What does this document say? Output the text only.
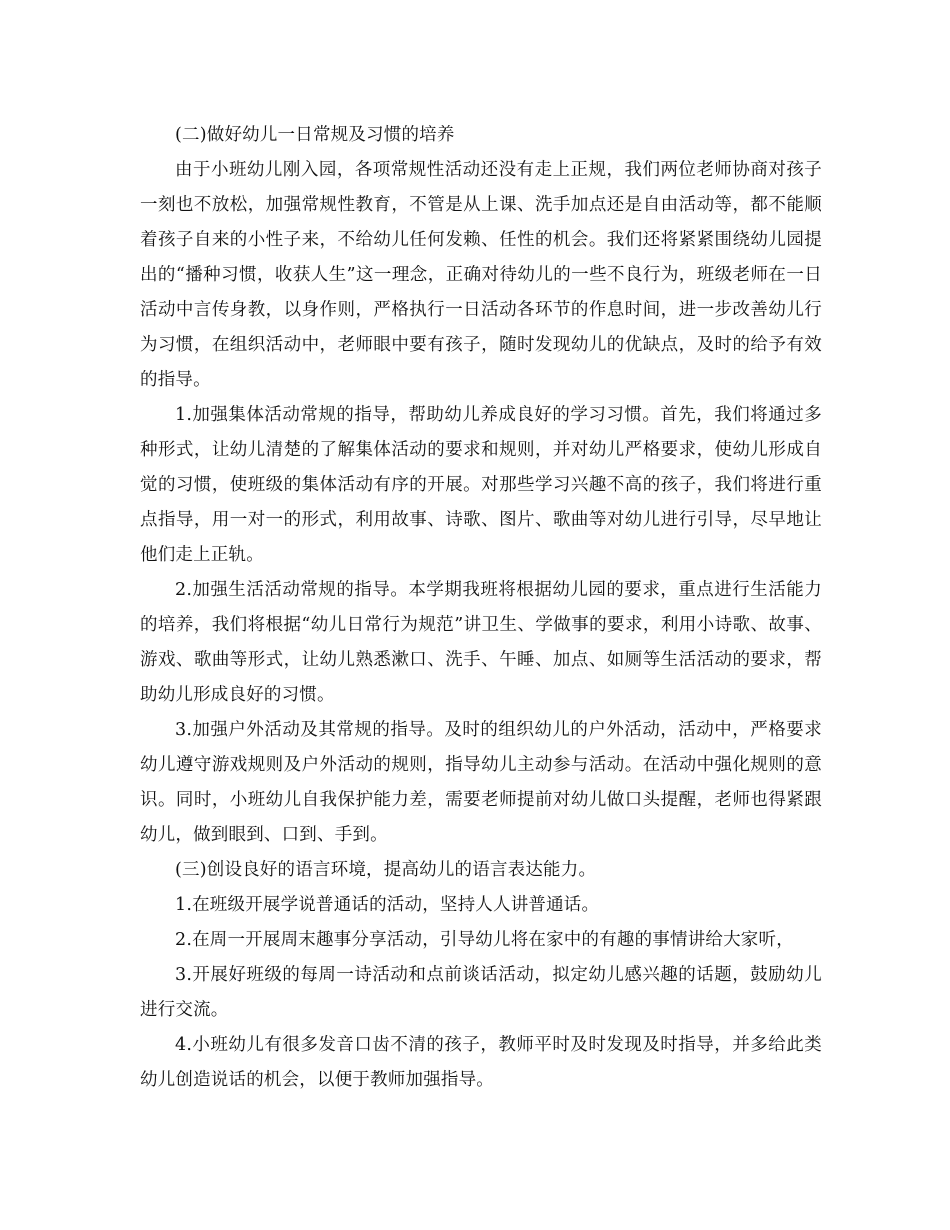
(二)做好幼儿一日常规及习惯的培养

由于小班幼儿刚入园，各项常规性活动还没有走上正规，我们两位老师协商对孩子一刻也不放松，加强常规性教育，不管是从上课、洗手加点还是自由活动等，都不能顺着孩子自来的小性子来，不给幼儿任何发赖、任性的机会。我们还将紧紧围绕幼儿园提出的“播种习惯，收获人生”这一理念，正确对待幼儿的一些不良行为，班级老师在一日活动中言传身教，以身作则，严格执行一日活动各环节的作息时间，进一步改善幼儿行为习惯，在组织活动中，老师眼中要有孩子，随时发现幼儿的优缺点，及时的给予有效的指导。

1.加强集体活动常规的指导，帮助幼儿养成良好的学习习惯。首先，我们将通过多种形式，让幼儿清楚的了解集体活动的要求和规则，并对幼儿严格要求，使幼儿形成自觉的习惯，使班级的集体活动有序的开展。对那些学习兴趣不高的孩子，我们将进行重点指导，用一对一的形式，利用故事、诗歌、图片、歌曲等对幼儿进行引导，尽早地让他们走上正轨。

2.加强生活活动常规的指导。本学期我班将根据幼儿园的要求，重点进行生活能力的培养，我们将根据“幼儿日常行为规范”讲卫生、学做事的要求，利用小诗歌、故事、游戏、歌曲等形式，让幼儿熟悉漱口、洗手、午睡、加点、如厕等生活活动的要求，帮助幼儿形成良好的习惯。

3.加强户外活动及其常规的指导。及时的组织幼儿的户外活动，活动中，严格要求幼儿遵守游戏规则及户外活动的规则，指导幼儿主动参与活动。在活动中强化规则的意识。同时，小班幼儿自我保护能力差，需要老师提前对幼儿做口头提醒，老师也得紧跟幼儿，做到眼到、口到、手到。

(三)创设良好的语言环境，提高幼儿的语言表达能力。

1.在班级开展学说普通话的活动，坚持人人讲普通话。

2.在周一开展周末趣事分享活动，引导幼儿将在家中的有趣的事情讲给大家听，

3.开展好班级的每周一诗活动和点前谈话活动，拟定幼儿感兴趣的话题，鼓励幼儿进行交流。

4.小班幼儿有很多发音口齿不清的孩子，教师平时及时发现及时指导，并多给此类幼儿创造说话的机会，以便于教师加强指导。
